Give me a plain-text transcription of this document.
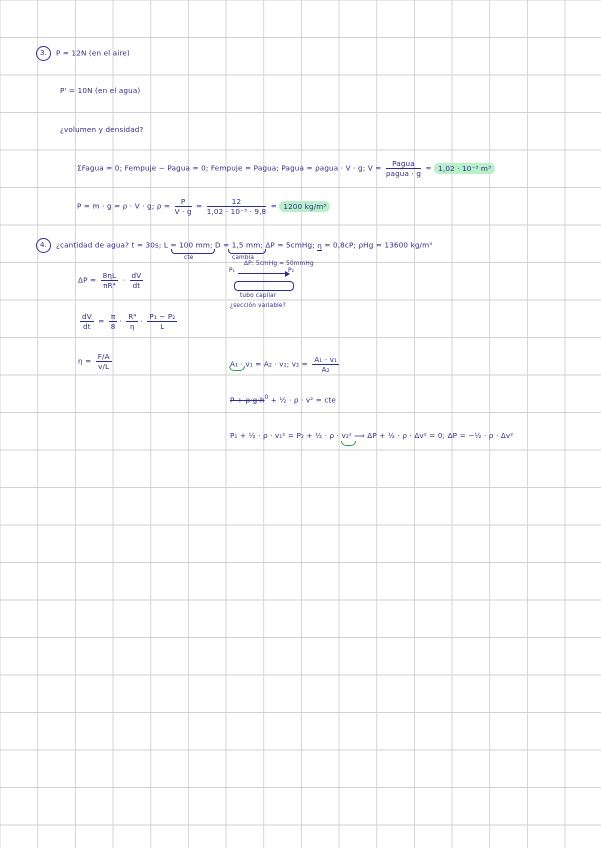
3. P = 12N (en el aire)
P' = 10N (en el agua)
¿volumen y densidad?
ΣFagua = 0; Fempuje − Pagua = 0; Fempuje = Pagua; Pagua = ρagua · V · g; $V = \frac{\text{Pagua}}{\text{ρagua · g}} = 1,02 \cdot 10^{-3}$ m³
P = m · g = ρ · V · g; $\rho = \frac{P}{V \cdot g} = \frac{12}{\text{1,02 · 10⁻³ · 9,8}} = 1200$ kg/m³
4. ¿cantidad de agua? t = 30s; L = 100 mm; D = 1,5 mm; ΔP = 5cmHg; η = 0,8cP; ρHg = 13600 kg/m³
cte	cambia
ΔP: 5cmHg = 50mmHg
P₁	P₂
tubo capilar
¿sección variable?
$\Delta P = \frac{8\eta L}{\text{πR⁴}} \cdot \frac{dV}{dt}$
$\frac{dV}{dt} = \frac{\pi}{8} \cdot \frac{\text{R⁴}}{\eta} \cdot \frac{\text{P₁ − P₂}}{L}$
$\eta = \frac{F/A}{v/L}$	A₁ · v₁ = A₂ · v₂; $v_2 = \frac{\text{A₁ · v₁}}{\text{A₂}}$
$P + \rho\cdot g\cdot h^0$ + ½ · ρ · v² = cte
P₁ + ½ · ρ · v₁² = P₂ + ½ · ρ · v₂² ⟹ ΔP + ½ · ρ · Δv² = 0; ΔP = −½ · ρ · Δv²
